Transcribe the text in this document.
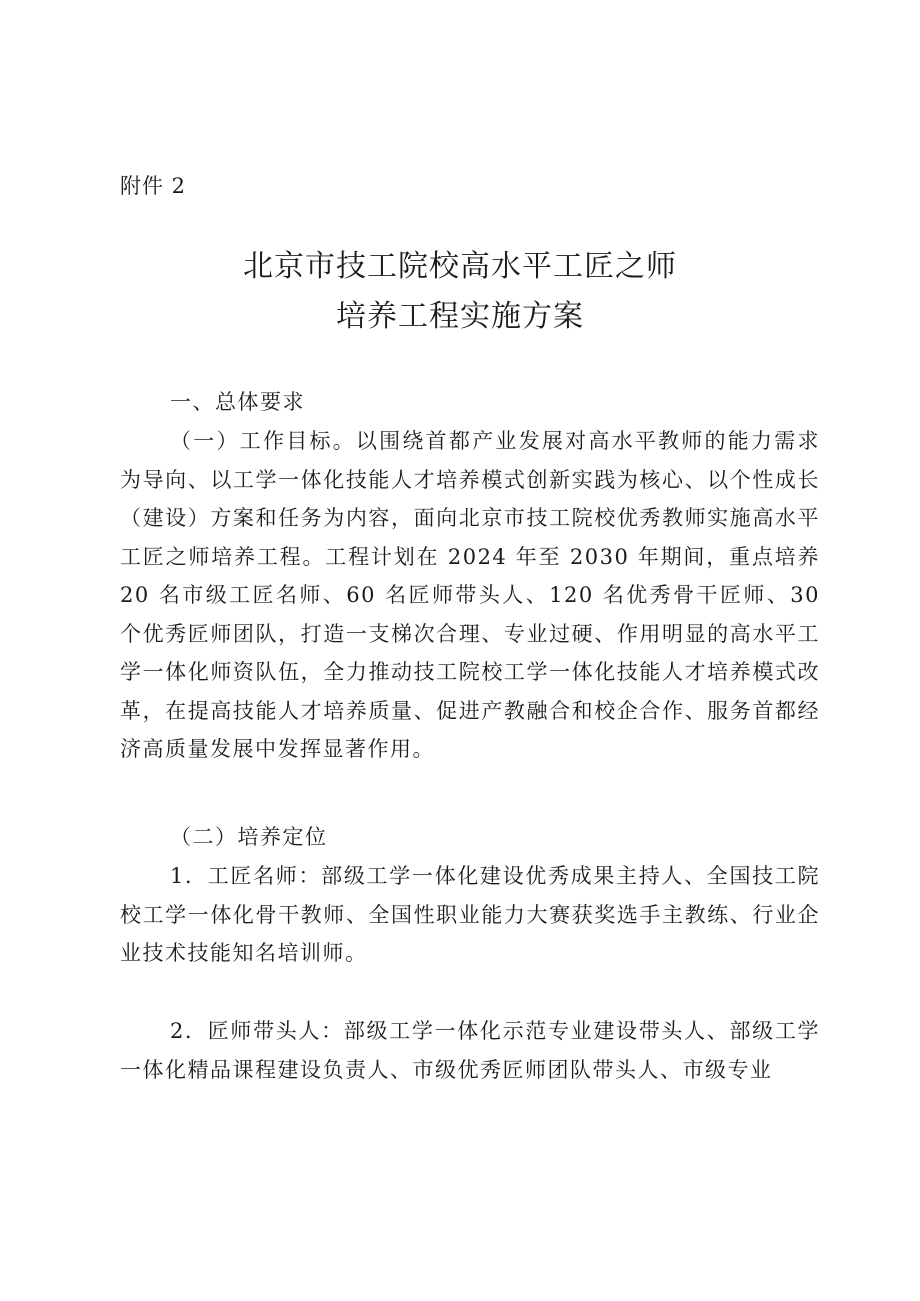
附件 2
北京市技工院校高水平工匠之师
培养工程实施方案
一、总体要求
（一）工作目标。以围绕首都产业发展对高水平教师的能力需求为导向、以工学一体化技能人才培养模式创新实践为核心、以个性成长（建设）方案和任务为内容，面向北京市技工院校优秀教师实施高水平工匠之师培养工程。工程计划在 2024 年至 2030 年期间，重点培养 20 名市级工匠名师、60 名匠师带头人、120 名优秀骨干匠师、30 个优秀匠师团队，打造一支梯次合理、专业过硬、作用明显的高水平工学一体化师资队伍，全力推动技工院校工学一体化技能人才培养模式改革，在提高技能人才培养质量、促进产教融合和校企合作、服务首都经济高质量发展中发挥显著作用。
（二）培养定位
1．工匠名师：部级工学一体化建设优秀成果主持人、全国技工院校工学一体化骨干教师、全国性职业能力大赛获奖选手主教练、行业企业技术技能知名培训师。
2．匠师带头人：部级工学一体化示范专业建设带头人、部级工学一体化精品课程建设负责人、市级优秀匠师团队带头人、市级专业
